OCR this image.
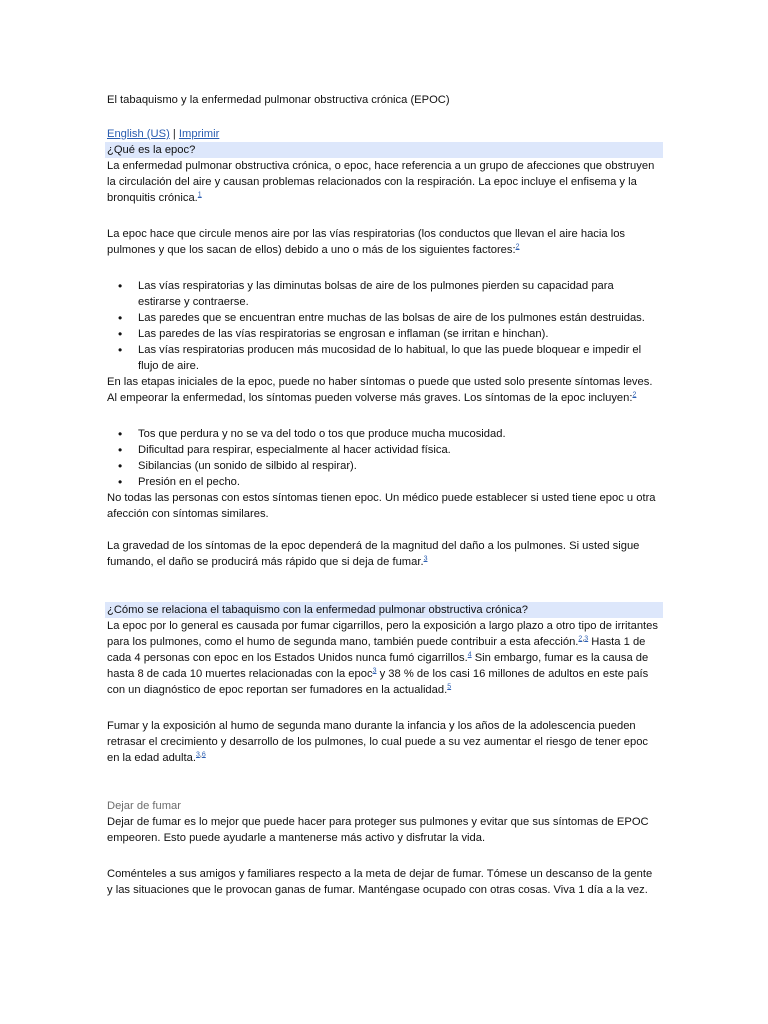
El tabaquismo y la enfermedad pulmonar obstructiva crónica (EPOC)

English (US) | Imprimir

¿Qué es la epoc?

La enfermedad pulmonar obstructiva crónica, o epoc, hace referencia a un grupo de afecciones que obstruyen la circulación del aire y causan problemas relacionados con la respiración. La epoc incluye el enfisema y la bronquitis crónica.$^1$

La epoc hace que circule menos aire por las vías respiratorias (los conductos que llevan el aire hacia los pulmones y que los sacan de ellos) debido a uno o más de los siguientes factores:$^2$

• Las vías respiratorias y las diminutas bolsas de aire de los pulmones pierden su capacidad para estirarse y contraerse.
• Las paredes que se encuentran entre muchas de las bolsas de aire de los pulmones están destruidas.
• Las paredes de las vías respiratorias se engrosan e inflaman (se irritan e hinchan).
• Las vías respiratorias producen más mucosidad de lo habitual, lo que las puede bloquear e impedir el flujo de aire.

En las etapas iniciales de la epoc, puede no haber síntomas o puede que usted solo presente síntomas leves. Al empeorar la enfermedad, los síntomas pueden volverse más graves. Los síntomas de la epoc incluyen:$^2$

• Tos que perdura y no se va del todo o tos que produce mucha mucosidad.
• Dificultad para respirar, especialmente al hacer actividad física.
• Sibilancias (un sonido de silbido al respirar).
• Presión en el pecho.

No todas las personas con estos síntomas tienen epoc. Un médico puede establecer si usted tiene epoc u otra afección con síntomas similares.

La gravedad de los síntomas de la epoc dependerá de la magnitud del daño a los pulmones. Si usted sigue fumando, el daño se producirá más rápido que si deja de fumar.$^3$

¿Cómo se relaciona el tabaquismo con la enfermedad pulmonar obstructiva crónica?

La epoc por lo general es causada por fumar cigarrillos, pero la exposición a largo plazo a otro tipo de irritantes para los pulmones, como el humo de segunda mano, también puede contribuir a esta afección.$^{2,3}$ Hasta 1 de cada 4 personas con epoc en los Estados Unidos nunca fumó cigarrillos.$^4$ Sin embargo, fumar es la causa de hasta 8 de cada 10 muertes relacionadas con la epoc$^3$ y 38 % de los casi 16 millones de adultos en este país con un diagnóstico de epoc reportan ser fumadores en la actualidad.$^5$

Fumar y la exposición al humo de segunda mano durante la infancia y los años de la adolescencia pueden retrasar el crecimiento y desarrollo de los pulmones, lo cual puede a su vez aumentar el riesgo de tener epoc en la edad adulta.$^{3,6}$

Dejar de fumar

Dejar de fumar es lo mejor que puede hacer para proteger sus pulmones y evitar que sus síntomas de EPOC empeoren. Esto puede ayudarle a mantenerse más activo y disfrutar la vida.

Coménteles a sus amigos y familiares respecto a la meta de dejar de fumar. Tómese un descanso de la gente y las situaciones que le provocan ganas de fumar. Manténgase ocupado con otras cosas. Viva 1 día a la vez.
